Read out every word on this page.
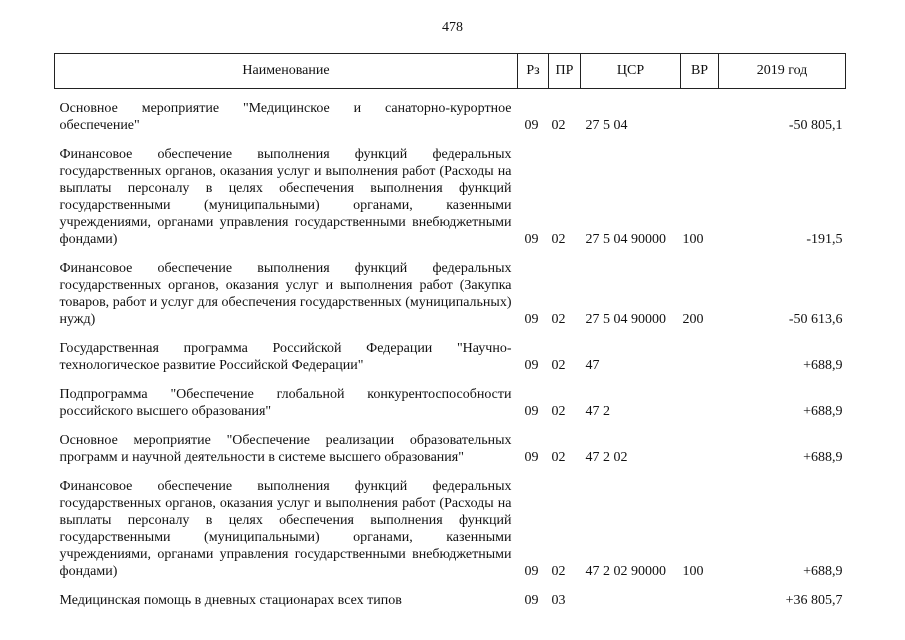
478
Наименование	Рз	ПР	ЦСР	ВР	2019 год
Основное мероприятие "Медицинское и санаторно-курортное обеспечение"	09	02	27 5 04		-50 805,1
Финансовое обеспечение выполнения функций федеральных государственных органов, оказания услуг и выполнения работ (Расходы на выплаты персоналу в целях обеспечения выполнения функций государственными (муниципальными) органами, казенными учреждениями, органами управления государственными внебюджетными фондами)	09	02	27 5 04 90000	100	-191,5
Финансовое обеспечение выполнения функций федеральных государственных органов, оказания услуг и выполнения работ (Закупка товаров, работ и услуг для обеспечения государственных (муниципальных) нужд)	09	02	27 5 04 90000	200	-50 613,6
Государственная программа Российской Федерации "Научно-технологическое развитие Российской Федерации"	09	02	47		+688,9
Подпрограмма "Обеспечение глобальной конкурентоспособности российского высшего образования"	09	02	47 2		+688,9
Основное мероприятие "Обеспечение реализации образовательных программ и научной деятельности в системе высшего образования"	09	02	47 2 02		+688,9
Финансовое обеспечение выполнения функций федеральных государственных органов, оказания услуг и выполнения работ (Расходы на выплаты персоналу в целях обеспечения выполнения функций государственными (муниципальными) органами, казенными учреждениями, органами управления государственными внебюджетными фондами)	09	02	47 2 02 90000	100	+688,9
Медицинская помощь в дневных стационарах всех типов	09	03			+36 805,7
